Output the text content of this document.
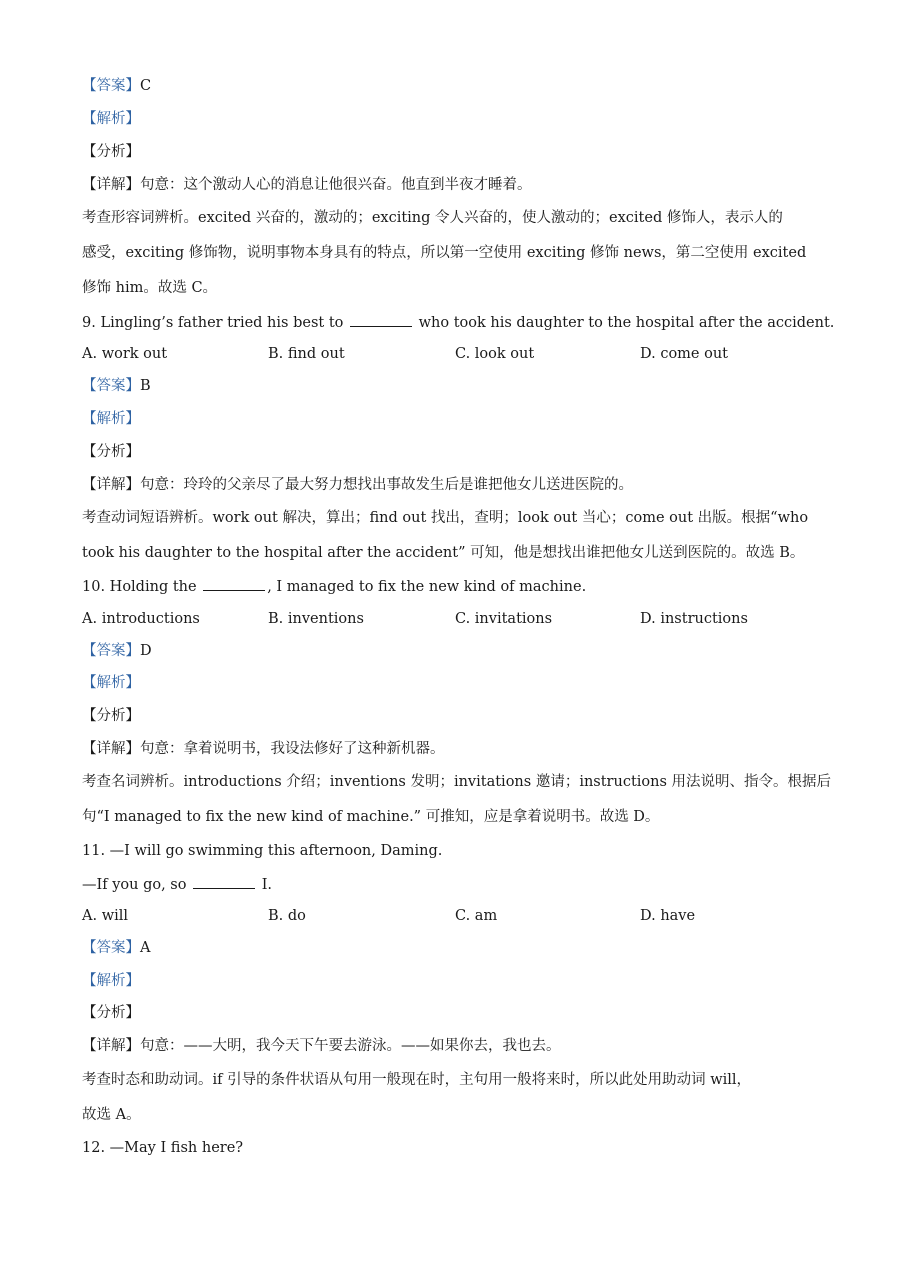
【答案】C
【解析】
【分析】
【详解】句意：这个激动人心的消息让他很兴奋。他直到半夜才睡着。
考查形容词辨析。excited 兴奋的，激动的；exciting 令人兴奋的，使人激动的；excited 修饰人，表示人的
感受，exciting 修饰物，说明事物本身具有的特点，所以第一空使用 exciting 修饰 news，第二空使用 excited
修饰 him。故选 C。
9. Lingling’s father tried his best to	who took his daughter to the hospital after the accident.
A. work out	B. find out	C. look out	D. come out
【答案】B
【解析】
【分析】
【详解】句意：玲玲的父亲尽了最大努力想找出事故发生后是谁把他女儿送进医院的。
考查动词短语辨析。work out 解决，算出；find out 找出，查明；look out 当心；come out 出版。根据“who
took his daughter to the hospital after the accident” 可知，他是想找出谁把他女儿送到医院的。故选 B。
10. Holding the	, I managed to fix the new kind of machine.
A. introductions	B. inventions	C. invitations	D. instructions
【答案】D
【解析】
【分析】
【详解】句意：拿着说明书，我设法修好了这种新机器。
考查名词辨析。introductions 介绍；inventions 发明；invitations 邀请；instructions 用法说明、指令。根据后
句“I managed to fix the new kind of machine.” 可推知，应是拿着说明书。故选 D。
11. —I will go swimming this afternoon, Daming.
—If you go, so	I.
A. will	B. do	C. am	D. have
【答案】A
【解析】
【分析】
【详解】句意：——大明，我今天下午要去游泳。——如果你去，我也去。
考查时态和助动词。if 引导的条件状语从句用一般现在时，主句用一般将来时，所以此处用助动词 will，
故选 A。
12. —May I fish here?
